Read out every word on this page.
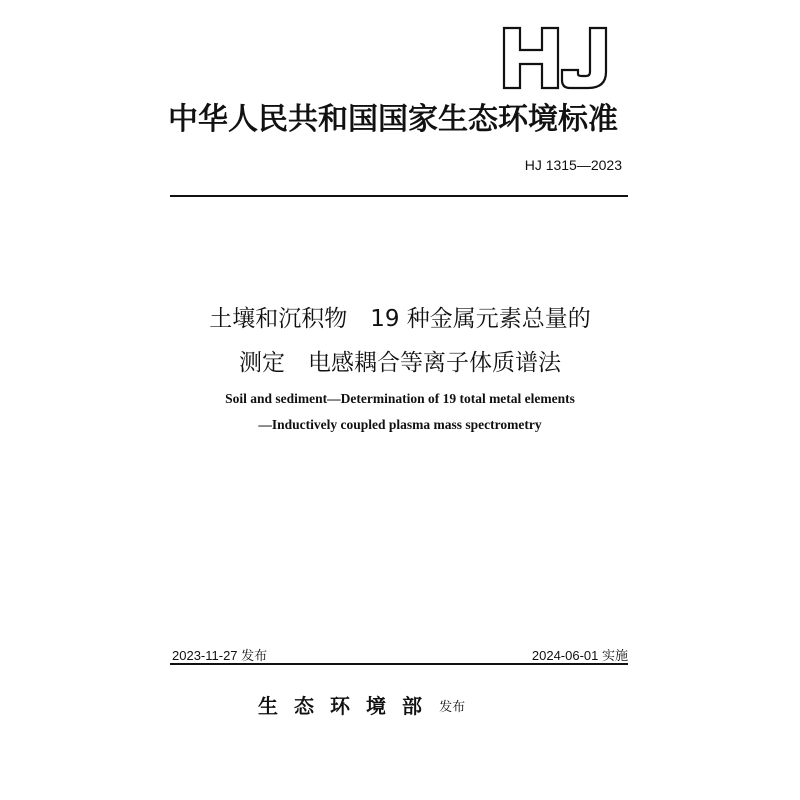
中华人民共和国国家生态环境标准
HJ 1315—2023
土壤和沉积物　19 种金属元素总量的
测定　电感耦合等离子体质谱法
Soil and sediment—Determination of 19 total metal elements
—Inductively coupled plasma mass spectrometry
2023-11-27 发布	2024-06-01 实施
生态环境部 发布
